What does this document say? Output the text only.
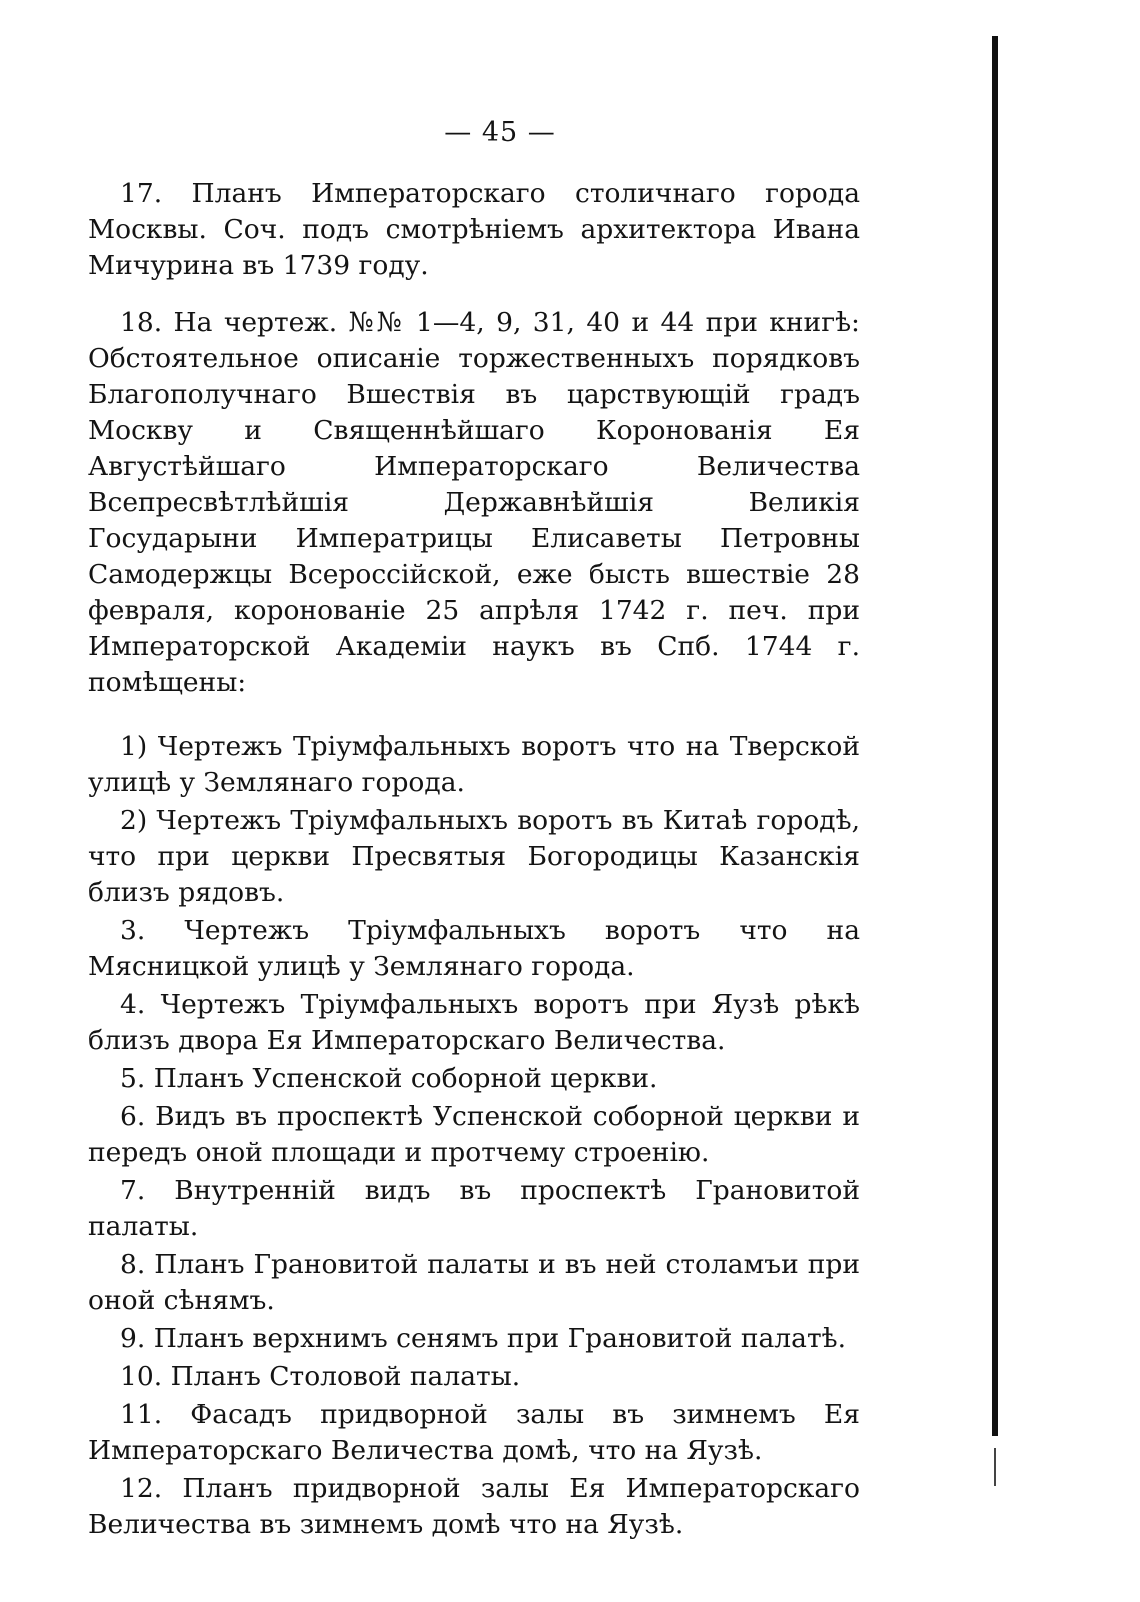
— 45 —

17. Планъ Императорскаго столичнаго города Москвы. Соч. подъ смотрѣніемъ архитектора Ивана Мичурина въ 1739 году.

18. На чертеж. №№ 1—4, 9, 31, 40 и 44 при книгѣ: Обстоятельное описаніе торжественныхъ порядковъ Благополучнаго Вшествія въ царствующій градъ Москву и Священнѣйшаго Коронованія Ея Августѣйшаго Императорскаго Величества Всепресвѣтлѣйшія Державнѣйшія Великія Государыни Императрицы Елисаветы Петровны Самодержцы Всероссійской, еже бысть вшествіе 28 февраля, коронованіе 25 апрѣля 1742 г. печ. при Императорской Академіи наукъ въ Спб. 1744 г. помѣщены:

1) Чертежъ Тріумфальныхъ воротъ что на Тверской улицѣ у Землянаго города.
2) Чертежъ Тріумфальныхъ воротъ въ Китаѣ городѣ, что при церкви Пресвятыя Богородицы Казанскія близъ рядовъ.
3. Чертежъ Тріумфальныхъ воротъ что на Мясницкой улицѣ у Землянаго города.
4. Чертежъ Тріумфальныхъ воротъ при Яузѣ рѣкѣ близъ двора Ея Императорскаго Величества.
5. Планъ Успенской соборной церкви.
6. Видъ въ проспектѣ Успенской соборной церкви и передъ оной площади и протчему строенію.
7. Внутренній видъ въ проспектѣ Грановитой палаты.
8. Планъ Грановитой палаты и въ ней столамъи при оной сѣнямъ.
9. Планъ верхнимъ сенямъ при Грановитой палатѣ.
10. Планъ Столовой палаты.
11. Фасадъ придворной залы въ зимнемъ Ея Императорскаго Величества домѣ, что на Яузѣ.
12. Планъ придворной залы Ея Императорскаго Величества въ зимнемъ домѣ что на Яузѣ.
